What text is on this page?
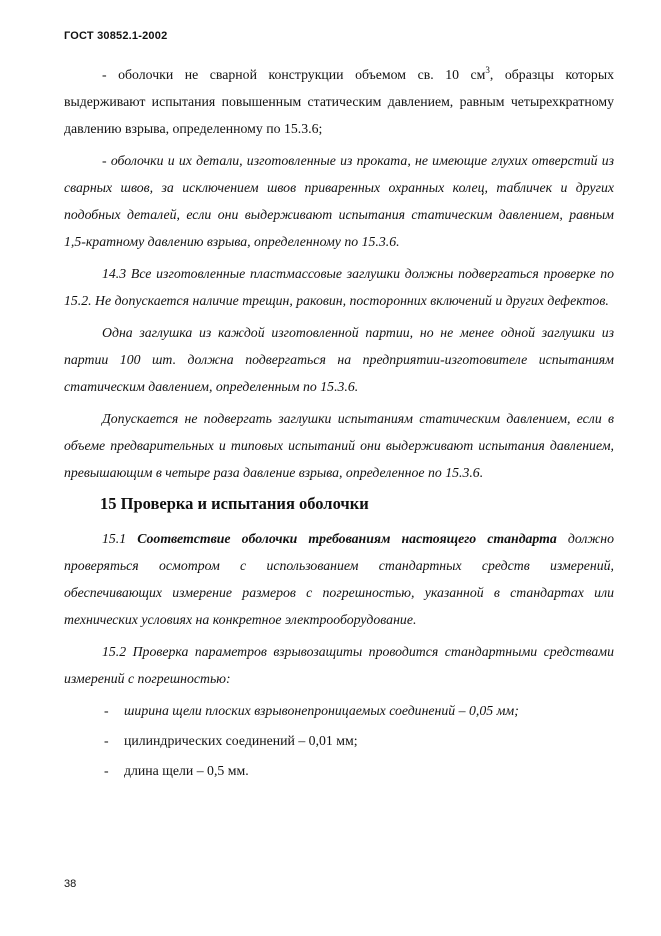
ГОСТ 30852.1-2002

- оболочки не сварной конструкции объемом св. 10 $см^3$, образцы которых выдерживают испытания повышенным статическим давлением, равным четырехкратному давлению взрыва, определенному по 15.3.6;

- оболочки и их детали, изготовленные из проката, не имеющие глухих отверстий из сварных швов, за исключением швов приваренных охранных колец, табличек и других подобных деталей, если они выдерживают испытания статическим давлением, равным 1,5-кратному давлению взрыва, определенному по 15.3.6.

14.3 Все изготовленные пластмассовые заглушки должны подвергаться проверке по 15.2. Не допускается наличие трещин, раковин, посторонних включений и других дефектов.

Одна заглушка из каждой изготовленной партии, но не менее одной заглушки из партии 100 шт. должна подвергаться на предприятии-изготовителе испытаниям статическим давлением, определенным по 15.3.6.

Допускается не подвергать заглушки испытаниям статическим давлением, если в объеме предварительных и типовых испытаний они выдерживают испытания давлением, превышающим в четыре раза давление взрыва, определенное по 15.3.6.

15 Проверка и испытания оболочки

15.1 Соответствие оболочки требованиям настоящего стандарта должно проверяться осмотром с использованием стандартных средств измерений, обеспечивающих измерение размеров с погрешностью, указанной в стандартах или технических условиях на конкретное электрооборудование.

15.2 Проверка параметров взрывозащиты проводится стандартными средствами измерений с погрешностью:

- ширина щели плоских взрывонепроницаемых соединений – 0,05 мм;
- цилиндрических соединений – 0,01 мм;
- длина щели – 0,5 мм.
38
